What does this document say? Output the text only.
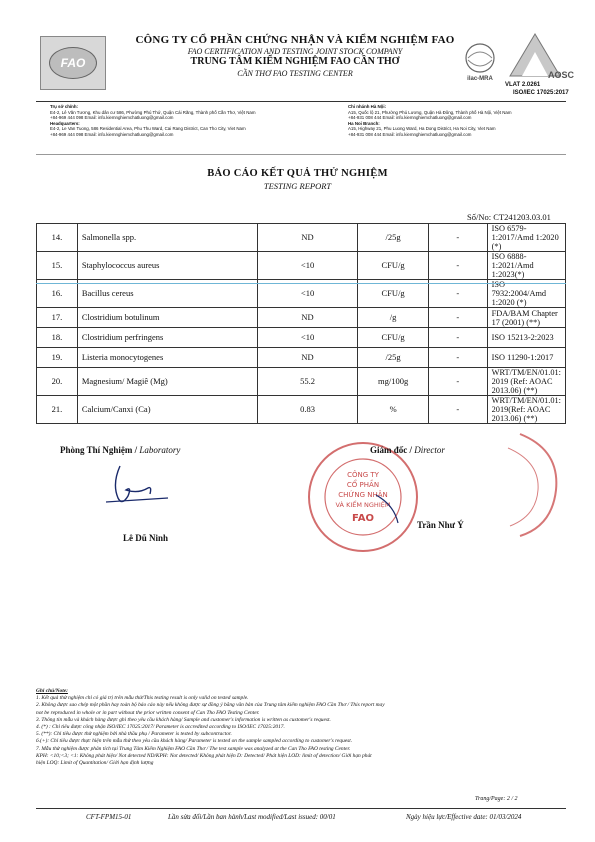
FAO
CÔNG TY CỔ PHẦN CHỨNG NHẬN VÀ KIỂM NGHIỆM FAO
FAO CERTIFICATION AND TESTING JOINT STOCK COMPANY
TRUNG TÂM KIỂM NGHIỆM FAO CẦN THƠ
CẦN THƠ FAO TESTING CENTER
ilac-MRA	AOSC
VLAT 2.0261
ISO/IEC 17025:2017
Trụ sở chính:
E4-2, Lê Văn Tương, Khu dân cư 586, Phường Phú Thứ, Quận Cái Răng, Thành phố Cần Thơ, Việt Nam
+84-969 444 098 Email: info.kiemnghiemchatluong@gmail.com
Headquarters:
E4-2, Le Van Tuong, 586 Residential Area, Phu Thu Ward, Cai Rang District, Can Tho City, Viet Nam
+84-969 444 098 Email: info.kiemnghiemchatluong@gmail.com
Chi nhánh Hà Nội:
A15, Quốc lộ 21, Phường Phú Lương, Quận Hà Đông, Thành phố Hà Nội, Việt Nam
+84-931 008 444 Email: info.kiemnghiemchatluong@gmail.com
Ha Noi Branch:
A15, Highway 21, Phu Luong Ward, Ha Dong District, Ha Noi City, Viet Nam
+84-931 008 444 Email: info.kiemnghiemchatluong@gmail.com
BÁO CÁO KẾT QUẢ THỬ NGHIỆM
TESTING REPORT
Số/No: CT241203.03.01
14.	Salmonella spp.	ND	/25g	-	ISO 6579-1:2017/Amd 1:2020 (*)
15.	Staphylococcus aureus	<10	CFU/g	-	ISO 6888-1:2021/Amd 1:2023(*)
16.	Bacillus cereus	<10	CFU/g	-	ISO 7932:2004/Amd 1:2020 (*)
17.	Clostridium botulinum	ND	/g	-	FDA/BAM Chapter 17 (2001) (**)
18.	Clostridium perfringens	<10	CFU/g	-	ISO 15213-2:2023
19.	Listeria monocytogenes	ND	/25g	-	ISO 11290-1:2017
20.	Magnesium/ Magiê (Mg)	55.2	mg/100g	-	WRT/TM/EN/01.01: 2019 (Ref: AOAC 2013.06) (**)
21.	Calcium/Canxi (Ca)	0.83	%	-	WRT/TM/EN/01.01: 2019(Ref: AOAC 2013.06) (**)
Phòng Thí Nghiệm / Laboratory
Lê Dũ Ninh
CÔNG TY
CỔ PHẦN
CHỨNG NHẬN
VÀ KIỂM NGHIỆM
FAO
Giám đốc / Director
Trần Như Ý
Ghi chú/Note:
1. Kết quả thử nghiệm chỉ có giá trị trên mẫu thử/This testing result is only valid on tested sample.
2. Không được sao chép một phần hay toàn bộ báo cáo này nếu không được sự đồng ý bằng văn bản của Trung tâm kiểm nghiệm FAO Cần Thơ / This report may
not be reproduced in whole or in part without the prior written consent of Can Tho FAO Testing Center.
3. Thông tin mẫu và khách hàng được ghi theo yêu cầu khách hàng/ Sample and customer's information is written as customer's request.
4. (*) : Chỉ tiêu được công nhận ISO/IEC 17025:2017/ Parameter is accredited according to ISO/IEC 17025:2017.
5. (**): Chỉ tiêu được thử nghiệm bởi nhà thầu phụ / Parameter is tested by subcontractor.
6.(+): Chỉ tiêu được thực hiện trên mẫu thử theo yêu cầu khách hàng/ Parameter is tested on the sample sampled according to customer's request.
7. Mẫu thử nghiệm được phân tích tại Trung Tâm Kiểm Nghiệm FAO Cần Thơ / The test sample was analyzed at the Can Tho FAO testing Center.
KPH: <10;<3; <1: Không phát hiện/ Not detected ND/KPH: Not detected/ Không phát hiện D: Detected/ Phát hiện LOD: limit of detection/ Giới hạn phát
hiện LOQ: Limit of Quantitation/ Giới hạn định lượng
Trang/Page: 2 / 2
CFT-FPM15-01	Lần sửa đổi/Lần ban hành/Last modified/Last issued: 00/01	Ngày hiệu lực/Effective date: 01/03/2024
